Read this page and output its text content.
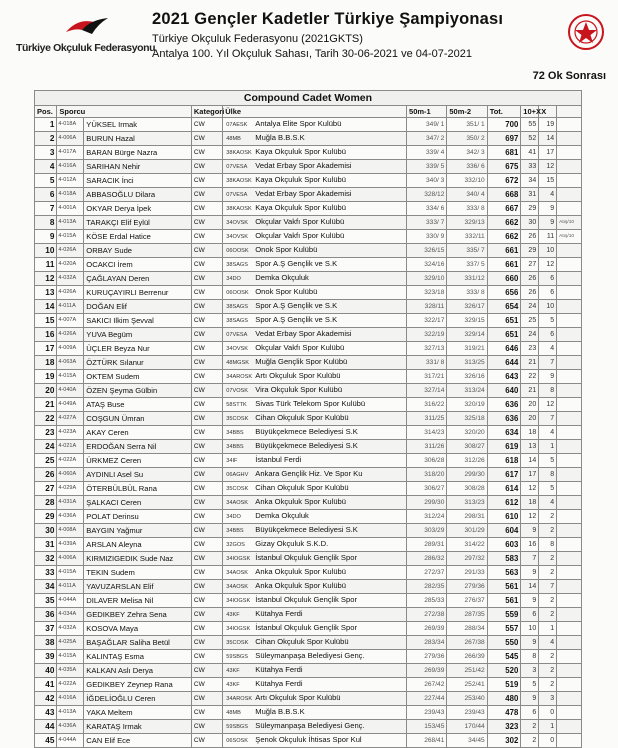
Türkiye Okçuluk Federasyonu
2021 Gençler Kadetler Türkiye Şampiyonası
Türkiye Okçuluk Federasyonu (2021GKTS)
Antalya 100. Yıl Okçuluk Sahası, Tarih 30-06-2021 ve 04-07-2021
72 Ok Sonrası
Compound Cadet Women										
Pos.	Sporcu		Kategori	Ülke	50m-1	50m-2	Tot.	10+X	X	
1	4-018A	YÜKSEL Irmak	CW	07AESK Antalya Elite Spor Kulübü	349/ 1	351/ 1	700	55	19	
2	4-006A	BURUN Hazal	CW	48MB Muğla B.B.S.K	347/ 2	350/ 2	697	52	14	
3	4-017A	BARAN Bürge Nazra	CW	38KAOSK Kaya Okçuluk Spor Kulübü	339/ 4	342/ 3	681	41	17	
4	4-016A	SARIHAN Nehir	CW	07VESA Vedat Erbay Spor Akademisi	339/ 5	336/ 6	675	33	12	
5	4-012A	SARACIK İnci	CW	38KAOSK Kaya Okçuluk Spor Kulübü	340/ 3	332/10	672	34	15	
6	4-018A	ABBASOĞLU Dilara	CW	07VESA Vedat Erbay Spor Akademisi	328/12	340/ 4	668	31	4	
7	4-001A	OKYAR Derya İpek	CW	38KAOSK Kaya Okçuluk Spor Kulübü	334/ 6	333/ 8	667	29	9	
8	4-013A	TARAKÇI Elif Eylül	CW	34OVSK Okçular Vakfı Spor Kulübü	333/ 7	329/13	662	30	9	Atış/10
9	4-015A	KÖSE Erdal Hatice	CW	34OVSK Okçular Vakfı Spor Kulübü	330/ 9	332/11	662	26	11	Atış/10
10	4-026A	ORBAY Sude	CW	06OOSK Onok Spor Kulübü	326/15	335/ 7	661	29	10	
11	4-020A	OCAKCI İrem	CW	38SAGS Spor A.Ş Gençlik ve S.K	324/16	337/ 5	661	27	12	
12	4-032A	ÇAĞLAYAN Deren	CW	34DO Demka Okçuluk	329/10	331/12	660	26	6	
13	4-026A	KURUÇAYIRLI Berrenur	CW	06OOSK Onok Spor Kulübü	323/18	333/ 8	656	26	6	
14	4-011A	DOĞAN Elif	CW	38SAGS Spor A.Ş Gençlik ve S.K	328/11	326/17	654	24	10	
15	4-007A	SAKICI Ilkim Şevval	CW	38SAGS Spor A.Ş Gençlik ve S.K	322/17	329/15	651	25	5	
16	4-026A	YUVA Begüm	CW	07VESA Vedat Erbay Spor Akademisi	322/19	329/14	651	24	6	
17	4-009A	ÜÇLER Beyza Nur	CW	34OVSK Okçular Vakfı Spor Kulübü	327/13	319/21	646	23	4	
18	4-063A	ÖZTÜRK Sılanur	CW	48MGSK Muğla Gençlik Spor Kulübü	331/ 8	313/25	644	21	7	
19	4-015A	OKTEM Sudem	CW	34AROSK Artı Okçuluk Spor Kulübü	317/21	326/16	643	22	9	
20	4-040A	ÖZEN Şeyma Gülbin	CW	07VOSK Vira Okçuluk Spor Kulübü	327/14	313/24	640	21	8	
21	4-049A	ATAŞ Buse	CW	58STTK Sivas Türk Telekom Spor Kulübü	316/22	320/19	636	20	12	
22	4-027A	COŞGUN Ümran	CW	35COSK Cihan Okçuluk Spor Kulübü	311/25	325/18	636	20	7	
23	4-023A	AKAY Ceren	CW	34BBS Büyükçekmece Belediyesi S.K	314/23	320/20	634	18	4	
24	4-021A	ERDOĞAN Serra Nil	CW	34BBS Büyükçekmece Belediyesi S.K	311/26	308/27	619	13	1	
25	4-022A	ÜRKMEZ Ceren	CW	34IF İstanbul Ferdi	306/28	312/26	618	14	5	
26	4-060A	AYDINLI Asel Su	CW	06AGHV Ankara Gençlik Hiz. Ve Spor Ku	318/20	299/30	617	17	8	
27	4-029A	ÖTERBÜLBÜL Rana	CW	35COSK Cihan Okçuluk Spor Kulübü	306/27	308/28	614	12	5	
28	4-031A	ŞALKACI Ceren	CW	34AOSK Anka Okçuluk Spor Kulübü	299/30	313/23	612	18	4	
29	4-036A	POLAT Derinsu	CW	34DO Demka Okçuluk	312/24	298/31	610	12	2	
30	4-008A	BAYGIN Yağmur	CW	34BBS Büyükçekmece Belediyesi S.K	303/29	301/29	604	9	2	
31	4-039A	ARSLAN Aleyna	CW	32GOS Gizay Okçuluk S.K.D.	289/31	314/22	603	16	8	
32	4-006A	KIRMIZIGEDIK Sude Naz	CW	34IOGSK İstanbul Okçuluk Gençlik Spor	286/32	297/32	583	7	2	
33	4-015A	TEKIN Sudem	CW	34AOSK Anka Okçuluk Spor Kulübü	272/37	291/33	563	9	2	
34	4-011A	YAVUZARSLAN Elif	CW	34AOSK Anka Okçuluk Spor Kulübü	282/35	279/36	561	14	7	
35	4-044A	DILAVER Melisa Nil	CW	34IOGSK İstanbul Okçuluk Gençlik Spor	285/33	276/37	561	9	2	
36	4-034A	GEDIKBEY Zehra Sena	CW	43KF Kütahya Ferdi	272/38	287/35	559	6	2	
37	4-032A	KOSOVA Maya	CW	34IOGSK İstanbul Okçuluk Gençlik Spor	269/39	288/34	557	10	1	
38	4-025A	BAŞAĞLAR Saliha Betül	CW	35COSK Cihan Okçuluk Spor Kulübü	283/34	267/38	550	9	4	
39	4-015A	KALINTAŞ Esma	CW	59SBGS Süleymanpaşa Belediyesi Genç.	279/36	266/39	545	8	2	
40	4-035A	KALKAN Aslı Derya	CW	43KF Kütahya Ferdi	269/39	251/42	520	3	2	
41	4-022A	GEDIKBEY Zeynep Rana	CW	43KF Kütahya Ferdi	267/42	252/41	519	5	2	
42	4-016A	İĞDELİOĞLU Ceren	CW	34AROSK Artı Okçuluk Spor Kulübü	227/44	253/40	480	9	3	
43	4-013A	YAKA Meltem	CW	48MB Muğla B.B.S.K	239/43	239/43	478	6	0	
44	4-036A	KARATAŞ Irmak	CW	59SBGS Süleymanpaşa Belediyesi Genç.	153/45	170/44	323	2	1	
45	4-044A	CAN Elif Ece	CW	06SOSK Şenok Okçuluk İhtisas Spor Kul	268/41	34/45	302	2	0	
